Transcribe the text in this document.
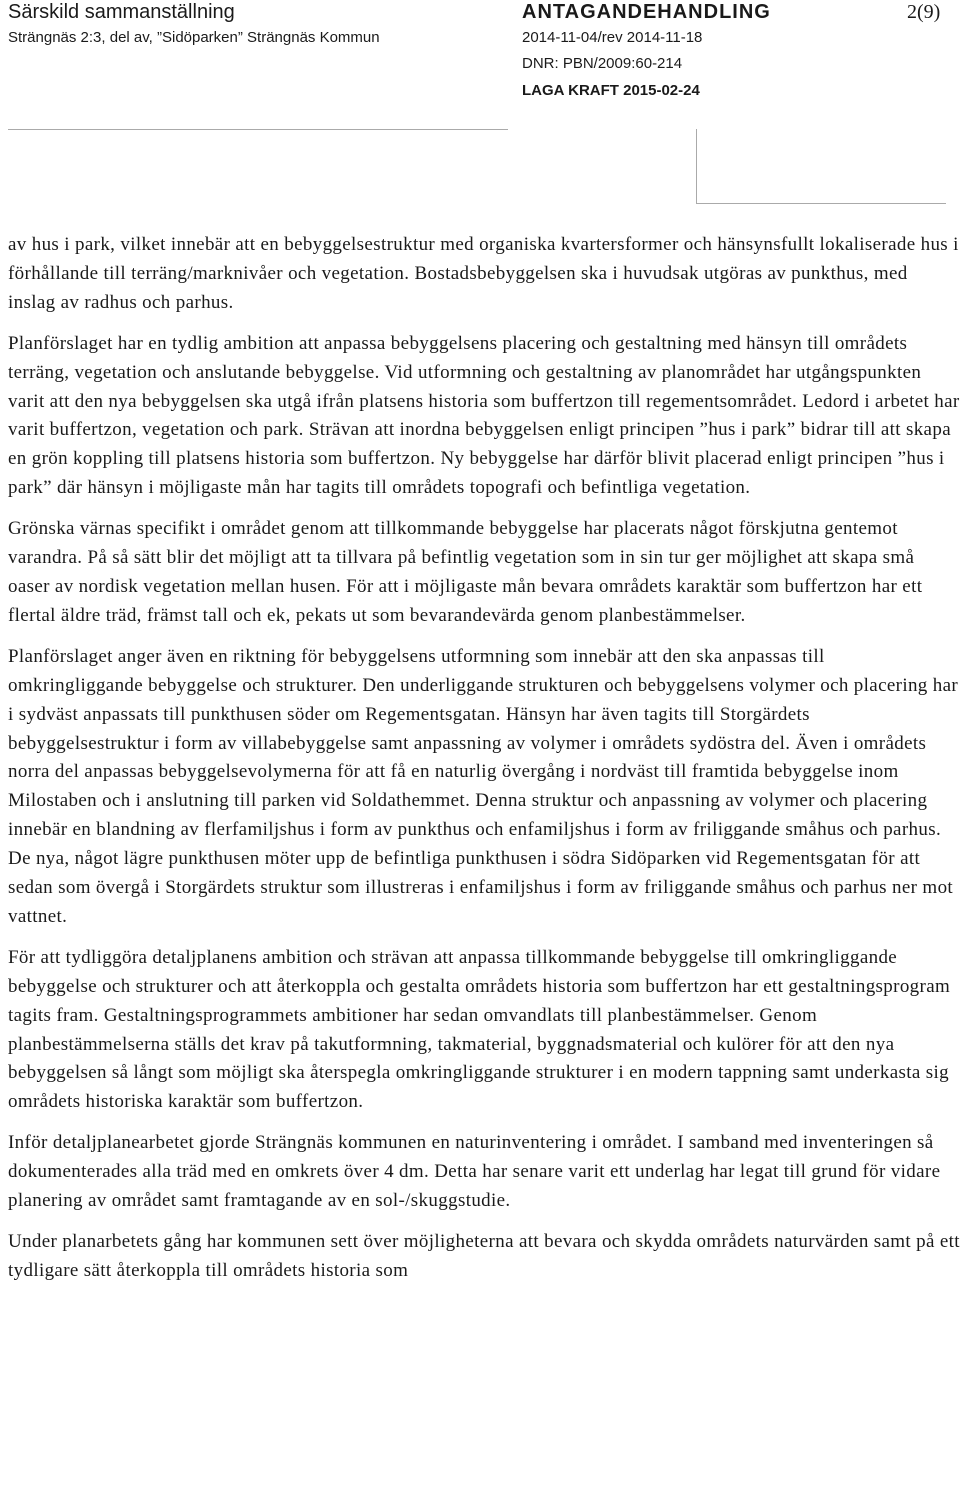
Särskild sammanställning
Strängnäs 2:3, del av, ”Sidöparken” Strängnäs Kommun
ANTAGANDEHANDLING
2014-11-04/rev 2014-11-18
DNR: PBN/2009:60-214
LAGA KRAFT 2015-02-24
2(9)

av hus i park, vilket innebär att en bebyggelsestruktur med organiska kvartersformer och hänsynsfullt lokaliserade hus i förhållande till terräng/marknivåer och vegetation. Bostadsbebyggelsen ska i huvudsak utgöras av punkthus, med inslag av radhus och parhus.

Planförslaget har en tydlig ambition att anpassa bebyggelsens placering och gestaltning med hänsyn till områdets terräng, vegetation och anslutande bebyggelse. Vid utformning och gestaltning av planområdet har utgångspunkten varit att den nya bebyggelsen ska utgå ifrån platsens historia som buffertzon till regementsområdet. Ledord i arbetet har varit buffertzon, vegetation och park. Strävan att inordna bebyggelsen enligt principen ”hus i park” bidrar till att skapa en grön koppling till platsens historia som buffertzon. Ny bebyggelse har därför blivit placerad enligt principen ”hus i park” där hänsyn i möjligaste mån har tagits till områdets topografi och befintliga vegetation.

Grönska värnas specifikt i området genom att tillkommande bebyggelse har placerats något förskjutna gentemot varandra. På så sätt blir det möjligt att ta tillvara på befintlig vegetation som in sin tur ger möjlighet att skapa små oaser av nordisk vegetation mellan husen. För att i möjligaste mån bevara områdets karaktär som buffertzon har ett flertal äldre träd, främst tall och ek, pekats ut som bevarandevärda genom planbestämmelser.

Planförslaget anger även en riktning för bebyggelsens utformning som innebär att den ska anpassas till omkringliggande bebyggelse och strukturer. Den underliggande strukturen och bebyggelsens volymer och placering har i sydväst anpassats till punkthusen söder om Regementsgatan. Hänsyn har även tagits till Storgärdets bebyggelsestruktur i form av villabebyggelse samt anpassning av volymer i områdets sydöstra del. Även i områdets norra del anpassas bebyggelsevolymerna för att få en naturlig övergång i nordväst till framtida bebyggelse inom Milostaben och i anslutning till parken vid Soldathemmet. Denna struktur och anpassning av volymer och placering innebär en blandning av flerfamiljshus i form av punkthus och enfamiljshus i form av friliggande småhus och parhus. De nya, något lägre punkthusen möter upp de befintliga punkthusen i södra Sidöparken vid Regementsgatan för att sedan som övergå i Storgärdets struktur som illustreras i enfamiljshus i form av friliggande småhus och parhus ner mot vattnet.

För att tydliggöra detaljplanens ambition och strävan att anpassa tillkommande bebyggelse till omkringliggande bebyggelse och strukturer och att återkoppla och gestalta områdets historia som buffertzon har ett gestaltningsprogram tagits fram. Gestaltningsprogrammets ambitioner har sedan omvandlats till planbestämmelser. Genom planbestämmelserna ställs det krav på takutformning, takmaterial, byggnadsmaterial och kulörer för att den nya bebyggelsen så långt som möjligt ska återspegla omkringliggande strukturer i en modern tappning samt underkasta sig områdets historiska karaktär som buffertzon.

Inför detaljplanearbetet gjorde Strängnäs kommunen en naturinventering i området. I samband med inventeringen så dokumenterades alla träd med en omkrets över 4 dm. Detta har senare varit ett underlag har legat till grund för vidare planering av området samt framtagande av en sol-/skuggstudie.

Under planarbetets gång har kommunen sett över möjligheterna att bevara och skydda områdets naturvärden samt på ett tydligare sätt återkoppla till områdets historia som
